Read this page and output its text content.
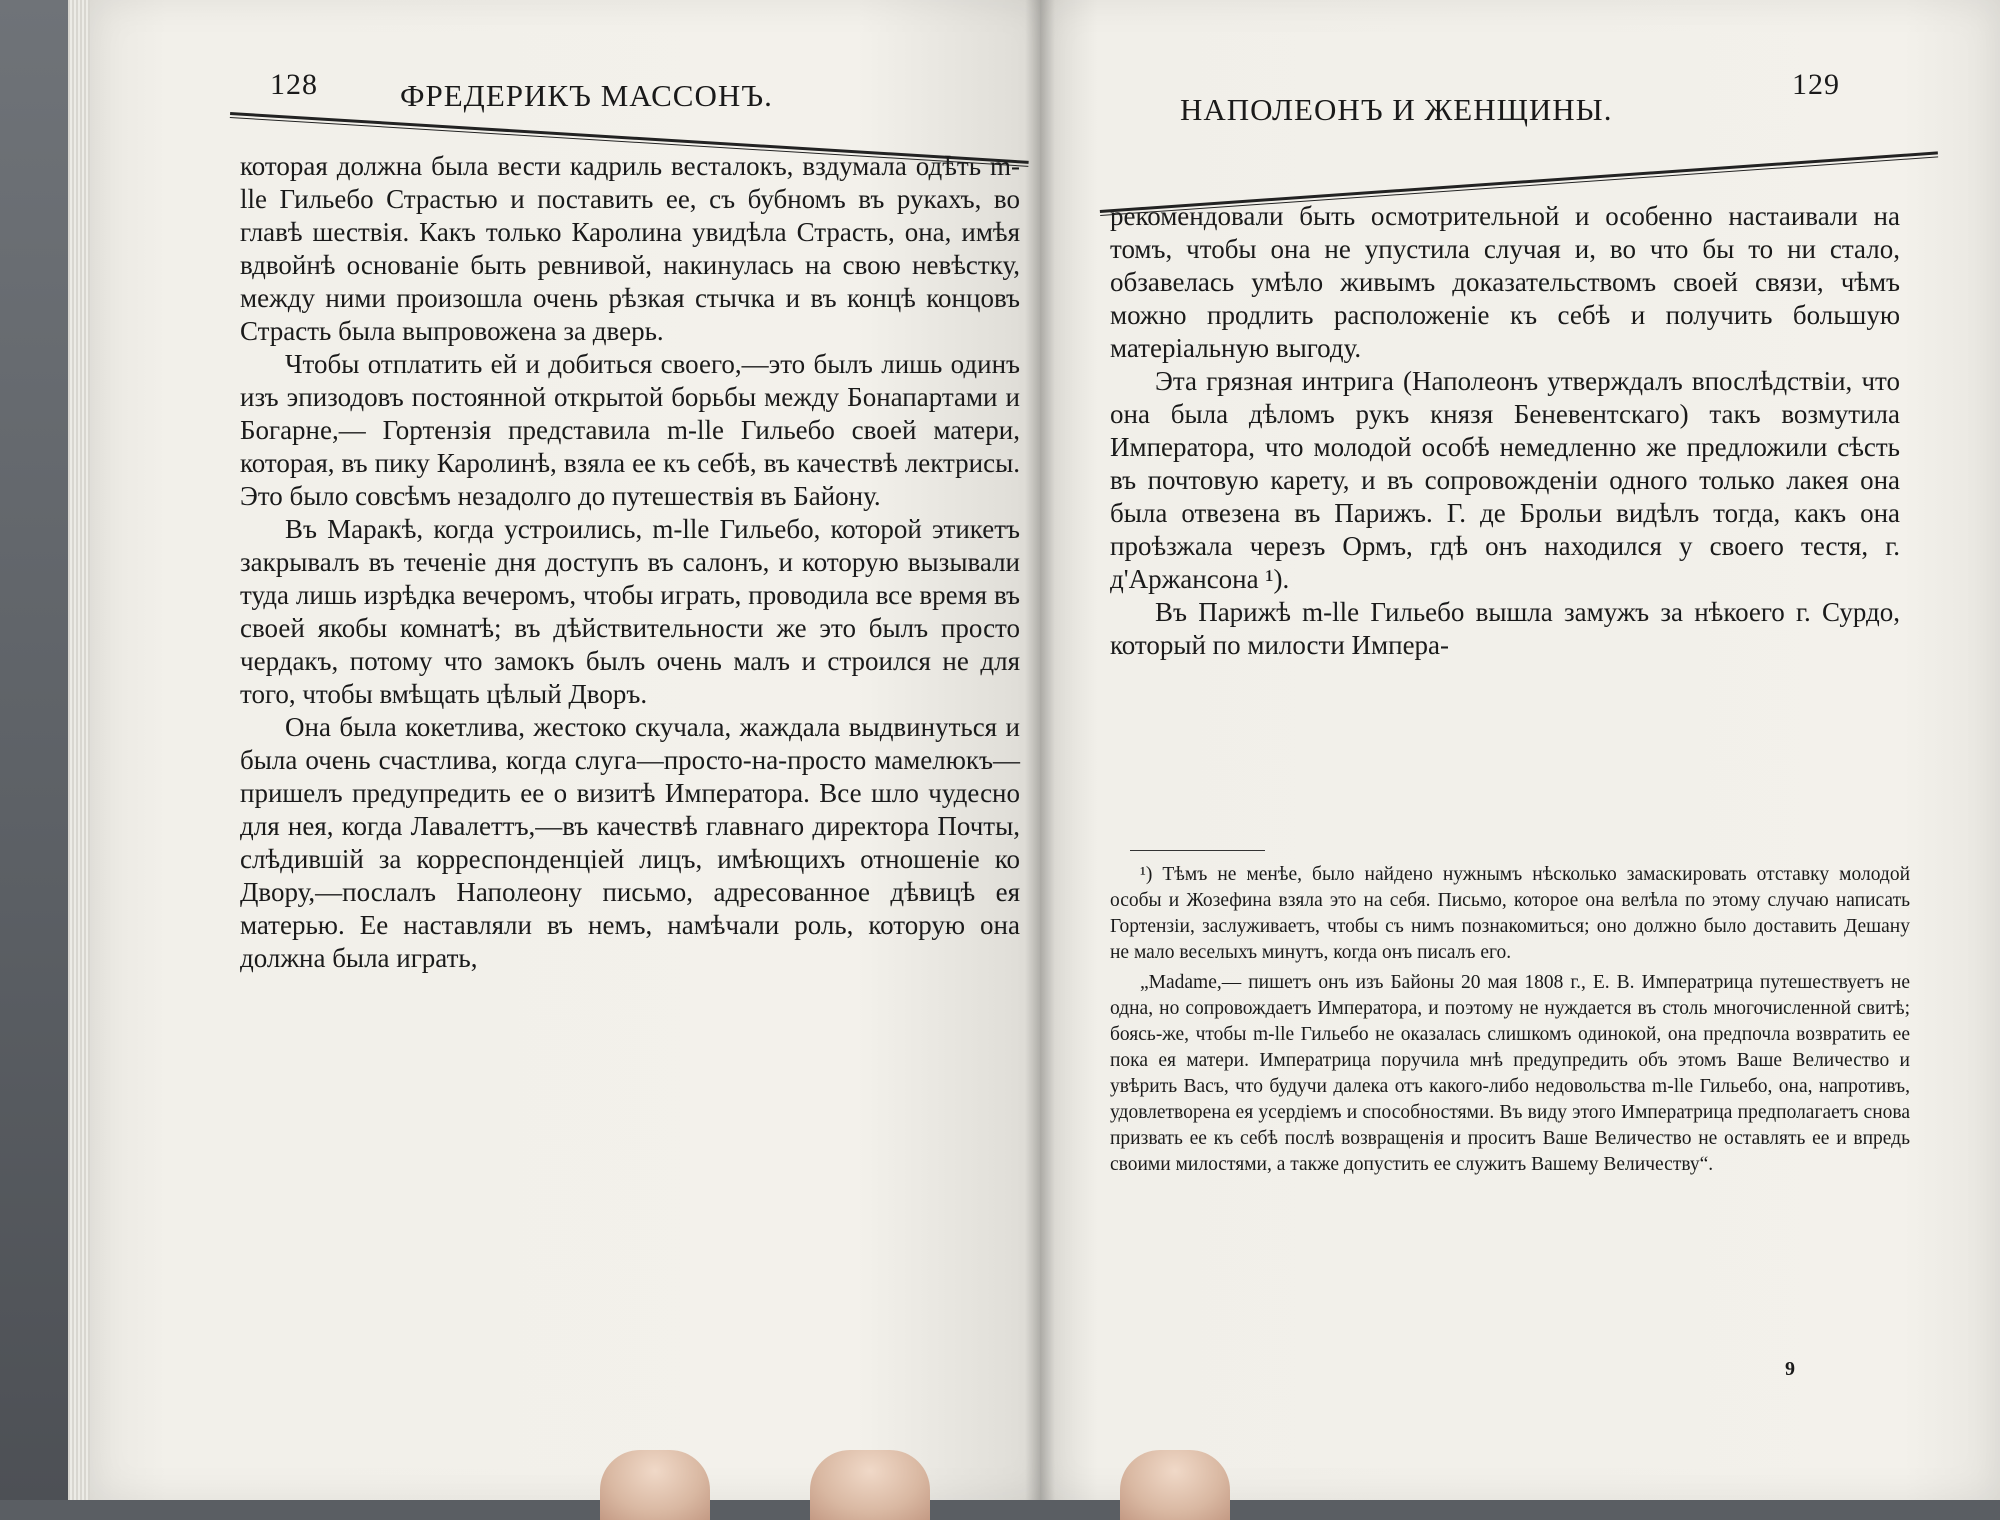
128	ФРЕДЕРИКЪ МАССОНЪ.

которая должна была вести кадриль весталокъ, вздумала одѣть m-lle Гильебо Страстью и поставить ее, съ бубномъ въ рукахъ, во главѣ шествія. Какъ только Каролина увидѣла Страсть, она, имѣя вдвойнѣ основаніе быть ревнивой, накинулась на свою невѣстку, между ними произошла очень рѣзкая стычка и въ концѣ концовъ Страсть была выпровожена за дверь.

Чтобы отплатить ей и добиться своего,—это былъ лишь одинъ изъ эпизодовъ постоянной открытой борьбы между Бонапартами и Богарне,— Гортензія представила m-lle Гильебо своей матери, которая, въ пику Каролинѣ, взяла ее къ себѣ, въ качествѣ лектрисы. Это было совсѣмъ незадолго до путешествія въ Байону.

Въ Маракѣ, когда устроились, m-lle Гильебо, которой этикетъ закрывалъ въ теченіе дня доступъ въ салонъ, и которую вызывали туда лишь изрѣдка вечеромъ, чтобы играть, проводила все время въ своей якобы комнатѣ; въ дѣйствительности же это былъ просто чердакъ, потому что замокъ былъ очень малъ и строился не для того, чтобы вмѣщать цѣлый Дворъ.

Она была кокетлива, жестоко скучала, жаждала выдвинуться и была очень счастлива, когда слуга—просто-на-просто мамелюкъ—пришелъ предупредить ее о визитѣ Императора. Все шло чудесно для нея, когда Лавалеттъ,—въ качествѣ главнаго директора Почты, слѣдившій за корреспонденціей лицъ, имѣющихъ отношеніе ко Двору,—послалъ Наполеону письмо, адресованное дѣвицѣ ея матерью. Ее наставляли въ немъ, намѣчали роль, которую она должна была играть,

НАПОЛЕОНЪ И ЖЕНЩИНЫ.
129

рекомендовали быть осмотрительной и особенно настаивали на томъ, чтобы она не упустила случая и, во что бы то ни стало, обзавелась умѣло живымъ доказательствомъ своей связи, чѣмъ можно продлить расположеніе къ себѣ и получить большую матеріальную выгоду.

Эта грязная интрига (Наполеонъ утверждалъ впослѣдствіи, что она была дѣломъ рукъ князя Беневентскаго) такъ возмутила Императора, что молодой особѣ немедленно же предложили сѣсть въ почтовую карету, и въ сопровожденіи одного только лакея она была отвезена въ Парижъ. Г. де Брольи видѣлъ тогда, какъ она проѣзжала черезъ Ормъ, гдѣ онъ находился у своего тестя, г. д'Аржансона ¹).

Въ Парижѣ m-lle Гильебо вышла замужъ за нѣкоего г. Сурдо, который по милости Импера-

¹) Тѣмъ не менѣе, было найдено нужнымъ нѣсколько замаскировать отставку молодой особы и Жозефина взяла это на себя. Письмо, которое она велѣла по этому случаю написать Гортензіи, заслуживаетъ, чтобы съ нимъ познакомиться; оно должно было доставить Дешану не мало веселыхъ минутъ, когда онъ писалъ его.

„Madame,— пишетъ онъ изъ Байоны 20 мая 1808 г., Е. В. Императрица путешествуетъ не одна, но сопровождаетъ Императора, и поэтому не нуждается въ столь многочисленной свитѣ; боясь-же, чтобы m-lle Гильебо не оказалась слишкомъ одинокой, она предпочла возвратить ее пока ея матери. Императрица поручила мнѣ предупредить объ этомъ Ваше Величество и увѣрить Васъ, что будучи далека отъ какого-либо недовольства m-lle Гильебо, она, напротивъ, удовлетворена ея усердіемъ и способностями. Въ виду этого Императрица предполагаетъ снова призвать ее къ себѣ послѣ возвращенія и проситъ Ваше Величество не оставлять ее и впредь своими милостями, а также допустить ее служитъ Вашему Величеству“.

9
